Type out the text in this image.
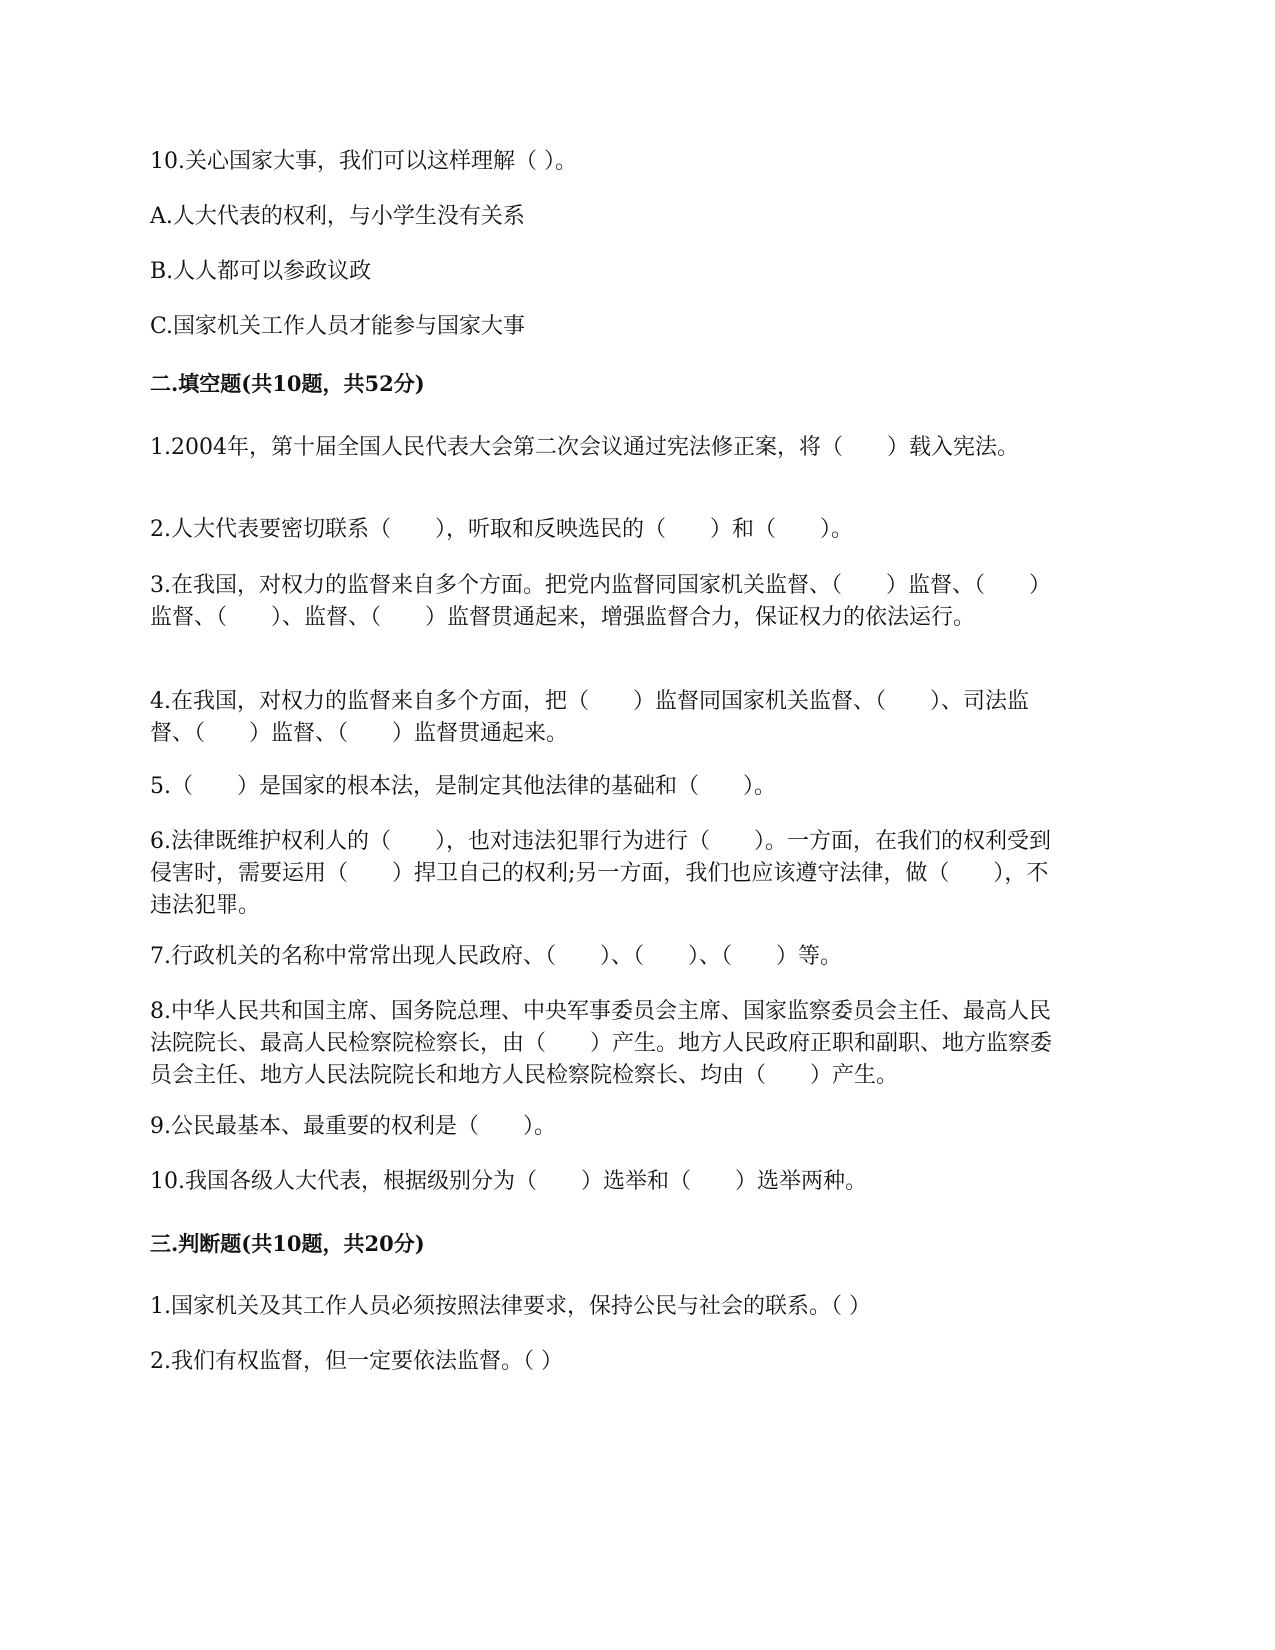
10.关心国家大事，我们可以这样理解（ ）。

A.人大代表的权利，与小学生没有关系

B.人人都可以参政议政

C.国家机关工作人员才能参与国家大事

二.填空题(共10题，共52分)

1.2004年，第十届全国人民代表大会第二次会议通过宪法修正案，将（　　）载入宪法。

2.人大代表要密切联系（　　），听取和反映选民的（　　）和（　　）。

3.在我国，对权力的监督来自多个方面。把党内监督同国家机关监督、（　　）监督、（　　）监督、（　　）、监督、（　　）监督贯通起来，增强监督合力，保证权力的依法运行。

4.在我国，对权力的监督来自多个方面，把（　　）监督同国家机关监督、（　　）、司法监督、（　　）监督、（　　）监督贯通起来。

5.（　　）是国家的根本法，是制定其他法律的基础和（　　）。

6.法律既维护权利人的（　　），也对违法犯罪行为进行（　　）。一方面，在我们的权利受到侵害时，需要运用（　　）捍卫自己的权利;另一方面，我们也应该遵守法律，做（　　），不违法犯罪。

7.行政机关的名称中常常出现人民政府、（　　）、（　　）、（　　）等。

8.中华人民共和国主席、国务院总理、中央军事委员会主席、国家监察委员会主任、最高人民法院院长、最高人民检察院检察长，由（　　）产生。地方人民政府正职和副职、地方监察委员会主任、地方人民法院院长和地方人民检察院检察长、均由（　　）产生。

9.公民最基本、最重要的权利是（　　）。

10.我国各级人大代表，根据级别分为（　　）选举和（　　）选举两种。

三.判断题(共10题，共20分)

1.国家机关及其工作人员必须按照法律要求，保持公民与社会的联系。（ ）

2.我们有权监督，但一定要依法监督。（ ）
